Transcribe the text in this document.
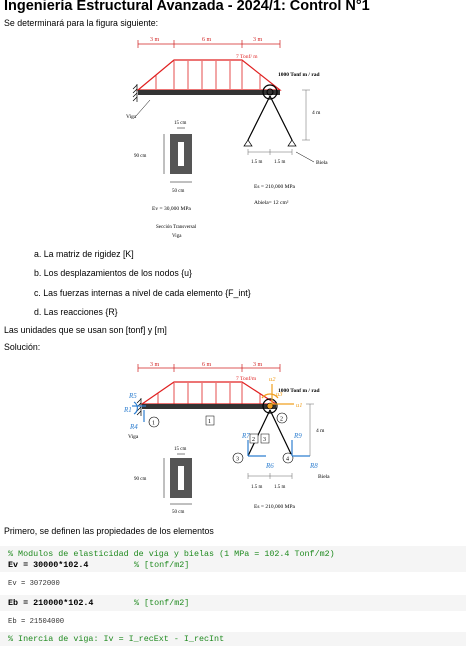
Ingeniería Estructural Avanzada - 2024/1: Control N°1
Se determinará para la figura siguiente:
3 m	6 m	3 m
7 Tonf/ m
1000 Tonf m / rad
4 m
Viga
Biela
1.5 m 1.5 m
15 cm
90 cm
50 cm
Ev = 30,000 MPa
Sección Transversal
Viga
Es = 210,000 MPa
Abiela= 12 cm²
a. La matriz de rigidez [K]
b. Los desplazamientos de los nodos {u}
c. Las fuerzas internas a nivel de cada elemento {F_int}
d. Las reacciones {R}
Las unidades que se usan son [tonf] y [m]
Solución:
3 m	6 m	3 m
7 Tonf/m
R5
R1
R4 1	1
u2
u3
u1
1000 Tonf m / rad
2
2 3
3	4
R7	R9
R6	R8
4 m
Viga
Biela
1.5 m 1.5 m
Es = 210,000 MPa
15 cm
90 cm
50 cm
Primero, se definen las propiedades de los elementos

% Modulos de elasticidad de viga y bielas (1 MPa = 102.4 Tonf/m2)

Ev = 30000*102.4

	% [tonf/m2]

Ev = 3072000

Eb = 210000*102.4

	% [tonf/m2]

Eb = 21504000

% Inercia de viga: Iv = I_recExt - I_recInt
